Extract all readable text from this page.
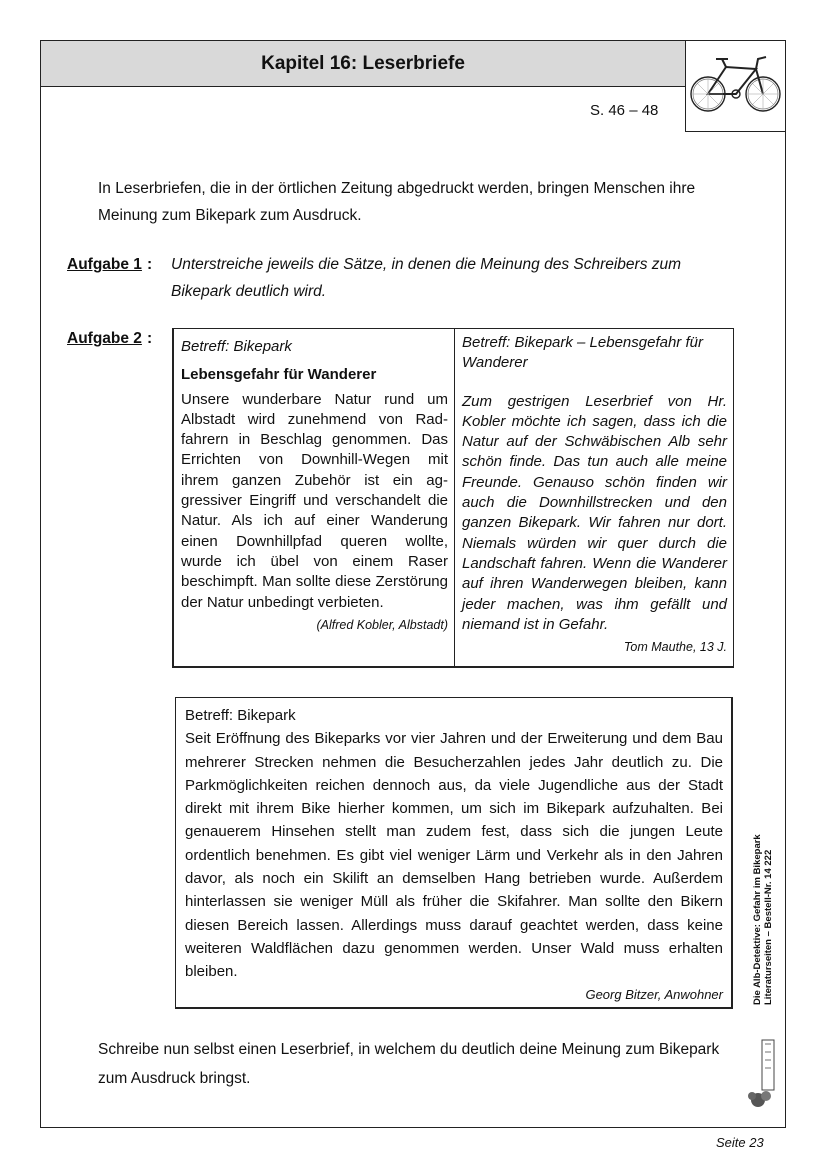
Kapitel 16: Leserbriefe
S. 46 – 48

In Leserbriefen, die in der örtlichen Zeitung abgedruckt werden, bringen Menschen ihre Meinung zum Bikepark zum Ausdruck.

Aufgabe 1 : Unterstreiche jeweils die Sätze, in denen die Meinung des Schreibers zum Bikepark deutlich wird.
Aufgabe 2 : Betreff: Bikepark

Lebensgefahr für Wanderer

Unsere wunderbare Natur rund um Albstadt wird zunehmend von Radfahrern in Beschlag genommen. Das Errichten von Downhill-Wegen mit ihrem ganzen Zubehör ist ein aggressiver Eingriff und verschandelt die Natur. Als ich auf einer Wanderung einen Downhillpfad queren wollte, wurde ich übel von einem Raser beschimpft. Man sollte diese Zerstörung der Natur unbedingt verbieten.

(Alfred Kobler, Albstadt)

Betreff: Bikepark – Lebensgefahr für Wanderer

Zum gestrigen Leserbrief von Hr. Kobler möchte ich sagen, dass ich die Natur auf der Schwäbischen Alb sehr schön finde. Das tun auch alle meine Freunde. Genauso schön finden wir auch die Downhillstrecken und den ganzen Bikepark. Wir fahren nur dort. Niemals würden wir quer durch die Landschaft fahren. Wenn die Wanderer auf ihren Wanderwegen bleiben, kann jeder machen, was ihm gefällt und niemand ist in Gefahr.

Tom Mauthe, 13 J.

Betreff: Bikepark

Seit Eröffnung des Bikeparks vor vier Jahren und der Erweiterung und dem Bau mehrerer Strecken nehmen die Besucherzahlen jedes Jahr deutlich zu. Die Parkmöglichkeiten reichen dennoch aus, da viele Jugendliche aus der Stadt direkt mit ihrem Bike hierher kommen, um sich im Bikepark aufzuhalten. Bei genauerem Hinsehen stellt man zudem fest, dass sich die jungen Leute ordentlich benehmen. Es gibt viel weniger Lärm und Verkehr als in den Jahren davor, als noch ein Skilift an demselben Hang betrieben wurde. Außerdem hinterlassen sie weniger Müll als früher die Skifahrer. Man sollte den Bikern diesen Bereich lassen. Allerdings muss darauf geachtet werden, dass keine weiteren Waldflächen dazu genommen werden. Unser Wald muss erhalten bleiben.

Georg Bitzer, Anwohner

Schreibe nun selbst einen Leserbrief, in welchem du deutlich deine Meinung zum Bikepark zum Ausdruck bringst.

Die Alb-Detektive: Gefahr im Bikepark Literaturseiten – Bestell-Nr. 14 222
Seite 23
